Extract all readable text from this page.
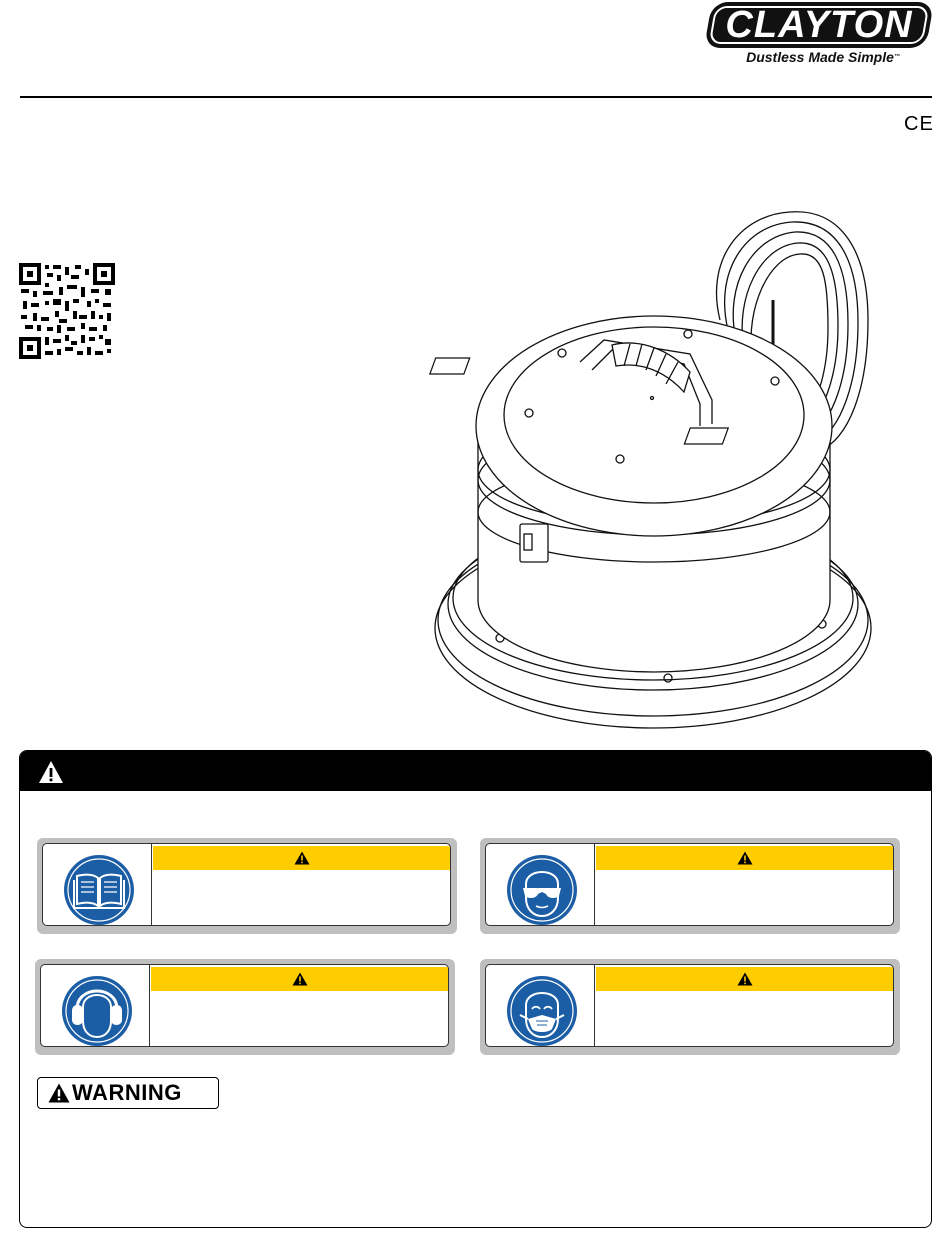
CLAYTON
Dustless Made Simple™
CE
WARNING
